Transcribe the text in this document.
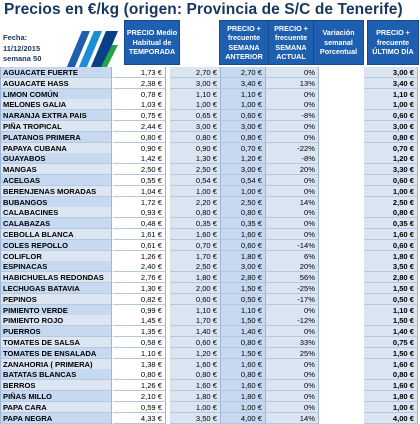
Precios en €/kg (origen: Provincia de S/C de Tenerife)
Fecha:
11/12/2015
semana 50
PRECIO Medio Habitual de TEMPORADA
PRECIO + frecuente SEMANA ANTERIOR
PRECIO + frecuente SEMANA ACTUAL
Variación semanal Porcentual
PRECIO + frecuente ÚLTIMO DÍA
AGUACATE FUERTE	1,73 €	2,70 €	2,70 €	0%	3,00 €
AGUACATE HASS	2,38 €	3,00 €	3,40 €	13%	3,40 €
LIMON COMÚN	0,78 €	1,10 €	1,10 €	0%	1,10 €
MELONES GALIA	1,03 €	1,00 €	1,00 €	0%	1,00 €
NARANJA EXTRA PAIS	0,75 €	0,65 €	0,60 €	-8%	0,60 €
PIÑA TROPICAL	2,44 €	3,00 €	3,00 €	0%	3,00 €
PLATANOS PRIMERA	0,80 €	0,80 €	0,80 €	0%	0,80 €
PAPAYA CUBANA	0,90 €	0,90 €	0,70 €	-22%	0,70 €
GUAYABOS	1,42 €	1,30 €	1,20 €	-8%	1,20 €
MANGAS	2,50 €	2,50 €	3,00 €	20%	3,30 €
ACELGAS	0,55 €	0,54 €	0,54 €	0%	0,60 €
BERENJENAS MORADAS	1,04 €	1,00 €	1,00 €	0%	1,00 €
BUBANGOS	1,72 €	2,20 €	2,50 €	14%	2,50 €
CALABACINES	0,93 €	0,80 €	0,80 €	0%	0,80 €
CALABAZAS	0,48 €	0,35 €	0,35 €	0%	0,35 €
CEBOLLA BLANCA	1,61 €	1,60 €	1,60 €	0%	1,60 €
COLES REPOLLO	0,61 €	0,70 €	0,60 €	-14%	0,60 €
COLIFLOR	1,26 €	1,70 €	1,80 €	6%	1,80 €
ESPINACAS	2,40 €	2,50 €	3,00 €	20%	3,50 €
HABICHUELAS REDONDAS	2,76 €	1,80 €	2,80 €	56%	2,80 €
LECHUGAS BATAVIA	1,30 €	2,00 €	1,50 €	-25%	1,50 €
PEPINOS	0,82 €	0,60 €	0,50 €	-17%	0,50 €
PIMIENTO VERDE	0,99 €	1,10 €	1,10 €	0%	1,10 €
PIMIENTO ROJO	1,45 €	1,70 €	1,50 €	-12%	1,50 €
PUERROS	1,35 €	1,40 €	1,40 €	0%	1,40 €
TOMATES DE SALSA	0,58 €	0,60 €	0,80 €	33%	0,75 €
TOMATES DE ENSALADA	1,10 €	1,20 €	1,50 €	25%	1,50 €
ZANAHORIA ( PRIMERA)	1,38 €	1,60 €	1,60 €	0%	1,60 €
BATATAS BLANCAS	0,80 €	0,80 €	0,80 €	0%	0,80 €
BERROS	1,26 €	1,60 €	1,60 €	0%	1,60 €
PIÑAS MILLO	2,10 €	1,80 €	1,80 €	0%	1,80 €
PAPA CARA	0,59 €	1,00 €	1,00 €	0%	1,00 €
PAPA NEGRA	4,33 €	3,50 €	4,00 €	14%	4,00 €
